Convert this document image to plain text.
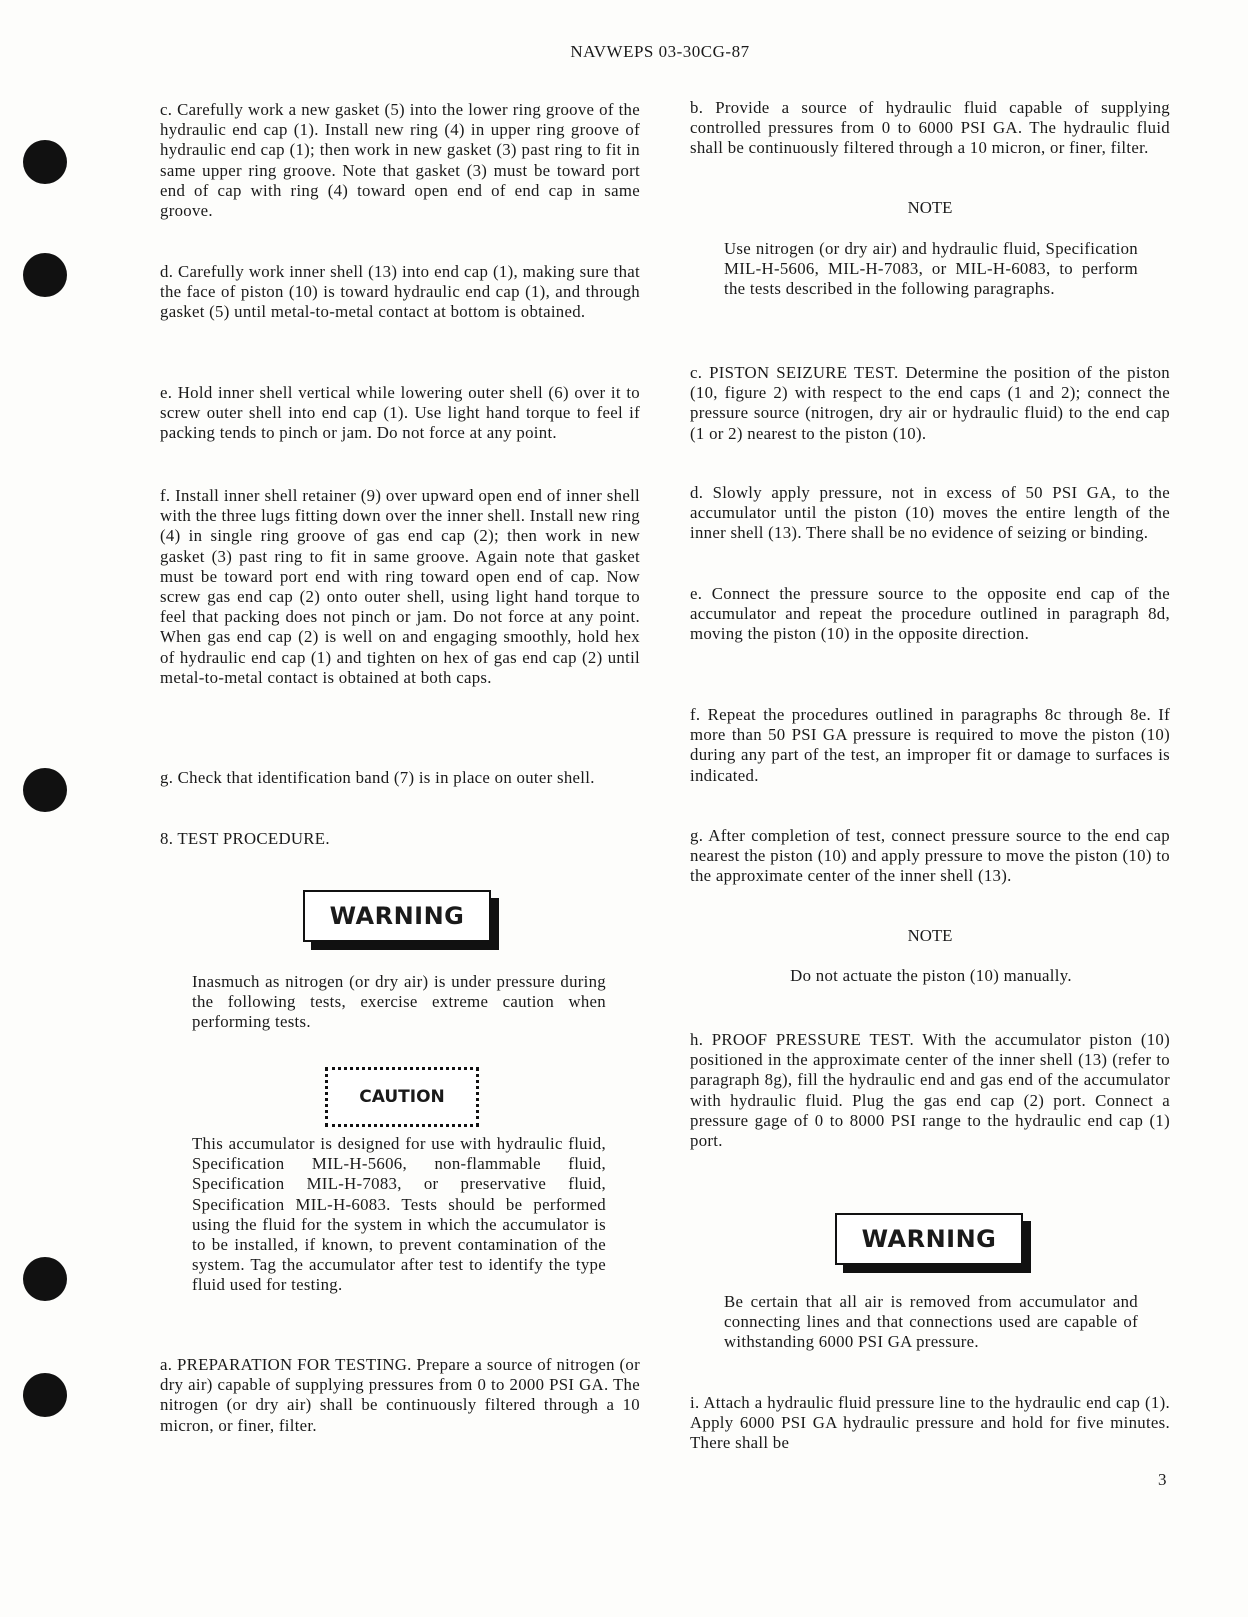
NAVWEPS 03-30CG-87

c. Carefully work a new gasket (5) into the lower ring groove of the hydraulic end cap (1). Install new ring (4) in upper ring groove of hydraulic end cap (1); then work in new gasket (3) past ring to fit in same upper ring groove. Note that gasket (3) must be toward port end of cap with ring (4) toward open end of end cap in same groove.

d. Carefully work inner shell (13) into end cap (1), making sure that the face of piston (10) is toward hydraulic end cap (1), and through gasket (5) until metal-to-metal contact at bottom is obtained.

e. Hold inner shell vertical while lowering outer shell (6) over it to screw outer shell into end cap (1). Use light hand torque to feel if packing tends to pinch or jam. Do not force at any point.

f. Install inner shell retainer (9) over upward open end of inner shell with the three lugs fitting down over the inner shell. Install new ring (4) in single ring groove of gas end cap (2); then work in new gasket (3) past ring to fit in same groove. Again note that gasket must be toward port end with ring toward open end of cap. Now screw gas end cap (2) onto outer shell, using light hand torque to feel that packing does not pinch or jam. Do not force at any point. When gas end cap (2) is well on and engaging smoothly, hold hex of hydraulic end cap (1) and tighten on hex of gas end cap (2) until metal-to-metal contact is obtained at both caps.

g. Check that identification band (7) is in place on outer shell.

8. TEST PROCEDURE.

WARNING

Inasmuch as nitrogen (or dry air) is under pressure during the following tests, exercise extreme caution when performing tests.

CAUTION

This accumulator is designed for use with hydraulic fluid, Specification MIL-H-5606, non-flammable fluid, Specification MIL-H-7083, or preservative fluid, Specification MIL-H-6083. Tests should be performed using the fluid for the system in which the accumulator is to be installed, if known, to prevent contamination of the system. Tag the accumulator after test to identify the type fluid used for testing.

a. PREPARATION FOR TESTING. Prepare a source of nitrogen (or dry air) capable of supplying pressures from 0 to 2000 PSI GA. The nitrogen (or dry air) shall be continuously filtered through a 10 micron, or finer, filter.

b. Provide a source of hydraulic fluid capable of supplying controlled pressures from 0 to 6000 PSI GA. The hydraulic fluid shall be continuously filtered through a 10 micron, or finer, filter.

NOTE

Use nitrogen (or dry air) and hydraulic fluid, Specification MIL-H-5606, MIL-H-7083, or MIL-H-6083, to perform the tests described in the following paragraphs.

c. PISTON SEIZURE TEST. Determine the position of the piston (10, figure 2) with respect to the end caps (1 and 2); connect the pressure source (nitrogen, dry air or hydraulic fluid) to the end cap (1 or 2) nearest to the piston (10).

d. Slowly apply pressure, not in excess of 50 PSI GA, to the accumulator until the piston (10) moves the entire length of the inner shell (13). There shall be no evidence of seizing or binding.

e. Connect the pressure source to the opposite end cap of the accumulator and repeat the procedure outlined in paragraph 8d, moving the piston (10) in the opposite direction.

f. Repeat the procedures outlined in paragraphs 8c through 8e. If more than 50 PSI GA pressure is required to move the piston (10) during any part of the test, an improper fit or damage to surfaces is indicated.

g. After completion of test, connect pressure source to the end cap nearest the piston (10) and apply pressure to move the piston (10) to the approximate center of the inner shell (13).

NOTE

Do not actuate the piston (10) manually.

h. PROOF PRESSURE TEST. With the accumulator piston (10) positioned in the approximate center of the inner shell (13) (refer to paragraph 8g), fill the hydraulic end and gas end of the accumulator with hydraulic fluid. Plug the gas end cap (2) port. Connect a pressure gage of 0 to 8000 PSI range to the hydraulic end cap (1) port.

WARNING

Be certain that all air is removed from accumulator and connecting lines and that connections used are capable of withstanding 6000 PSI GA pressure.

i. Attach a hydraulic fluid pressure line to the hydraulic end cap (1). Apply 6000 PSI GA hydraulic pressure and hold for five minutes. There shall be

3
